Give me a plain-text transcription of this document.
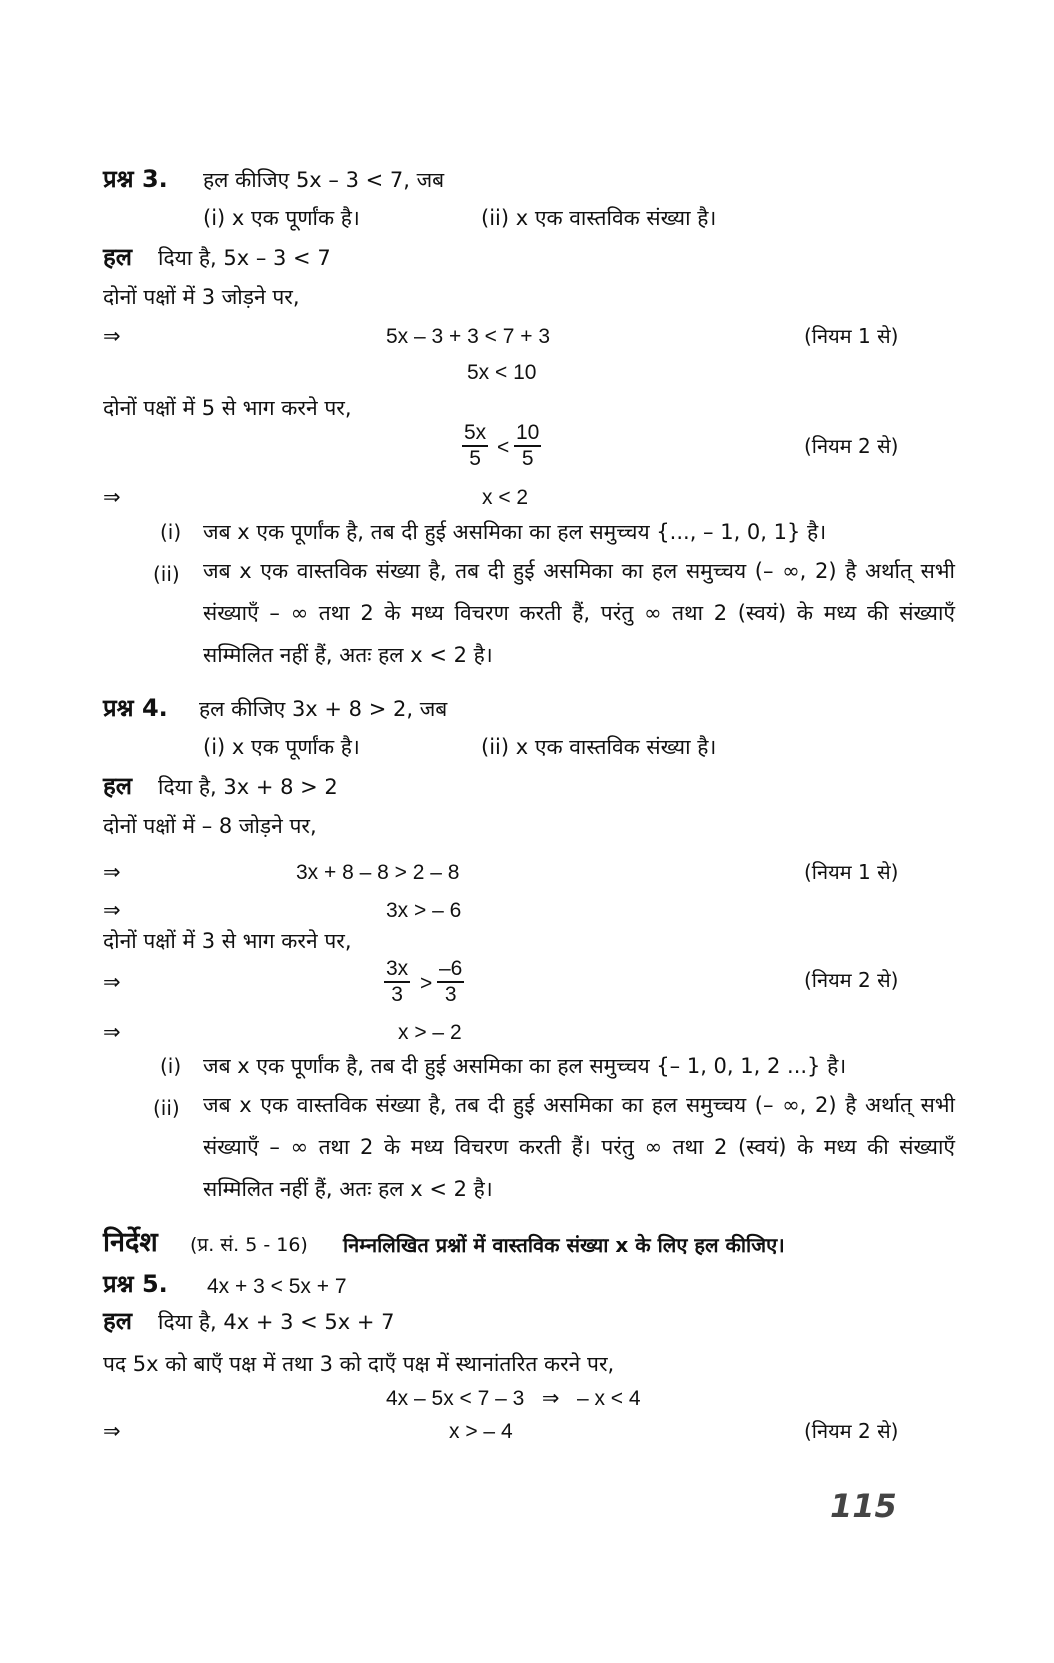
प्रश्न 3. हल कीजिए 5x – 3 < 7, जब
(i) x एक पूर्णांक है।	(ii) x एक वास्तविक संख्या है।
हल दिया है, 5x – 3 < 7
दोनों पक्षों में 3 जोड़ने पर,
⇒	5x – 3 + 3 < 7 + 3	(नियम 1 से)
5x < 10
दोनों पक्षों में 5 से भाग करने पर,
$\frac{5x}{5} < \frac{10}{5}$	(नियम 2 से)
⇒	x < 2
(i) जब x एक पूर्णांक है, तब दी हुई असमिका का हल समुच्चय {..., – 1, 0, 1} है।
(ii) जब x एक वास्तविक संख्या है, तब दी हुई असमिका का हल समुच्चय (– ∞, 2) है अर्थात् सभी संख्याएँ – ∞ तथा 2 के मध्य विचरण करती हैं, परंतु ∞ तथा 2 (स्वयं) के मध्य की संख्याएँ सम्मिलित नहीं हैं, अतः हल x < 2 है।
प्रश्न 4. हल कीजिए 3x + 8 > 2, जब
(i) x एक पूर्णांक है।	(ii) x एक वास्तविक संख्या है।
हल दिया है, 3x + 8 > 2
दोनों पक्षों में – 8 जोड़ने पर,
⇒	3x + 8 – 8 > 2 – 8	(नियम 1 से)
⇒	3x > – 6
दोनों पक्षों में 3 से भाग करने पर,
⇒	$\frac{3x}{3} > \frac{-6}{3}$	(नियम 2 से)
⇒	x > – 2
(i) जब x एक पूर्णांक है, तब दी हुई असमिका का हल समुच्चय {– 1, 0, 1, 2 ...} है।
(ii) जब x एक वास्तविक संख्या है, तब दी हुई असमिका का हल समुच्चय (– ∞, 2) है अर्थात् सभी संख्याएँ – ∞ तथा 2 के मध्य विचरण करती हैं। परंतु ∞ तथा 2 (स्वयं) के मध्य की संख्याएँ सम्मिलित नहीं हैं, अतः हल x < 2 है।
निर्देश (प्र. सं. 5 - 16) निम्नलिखित प्रश्नों में वास्तविक संख्या x के लिए हल कीजिए।
प्रश्न 5. 4x + 3 < 5x + 7
हल दिया है, 4x + 3 < 5x + 7
पद 5x को बाएँ पक्ष में तथा 3 को दाएँ पक्ष में स्थानांतरित करने पर,
4x – 5x < 7 – 3   ⇒   – x < 4
⇒	x > – 4	(नियम 2 से)
115
